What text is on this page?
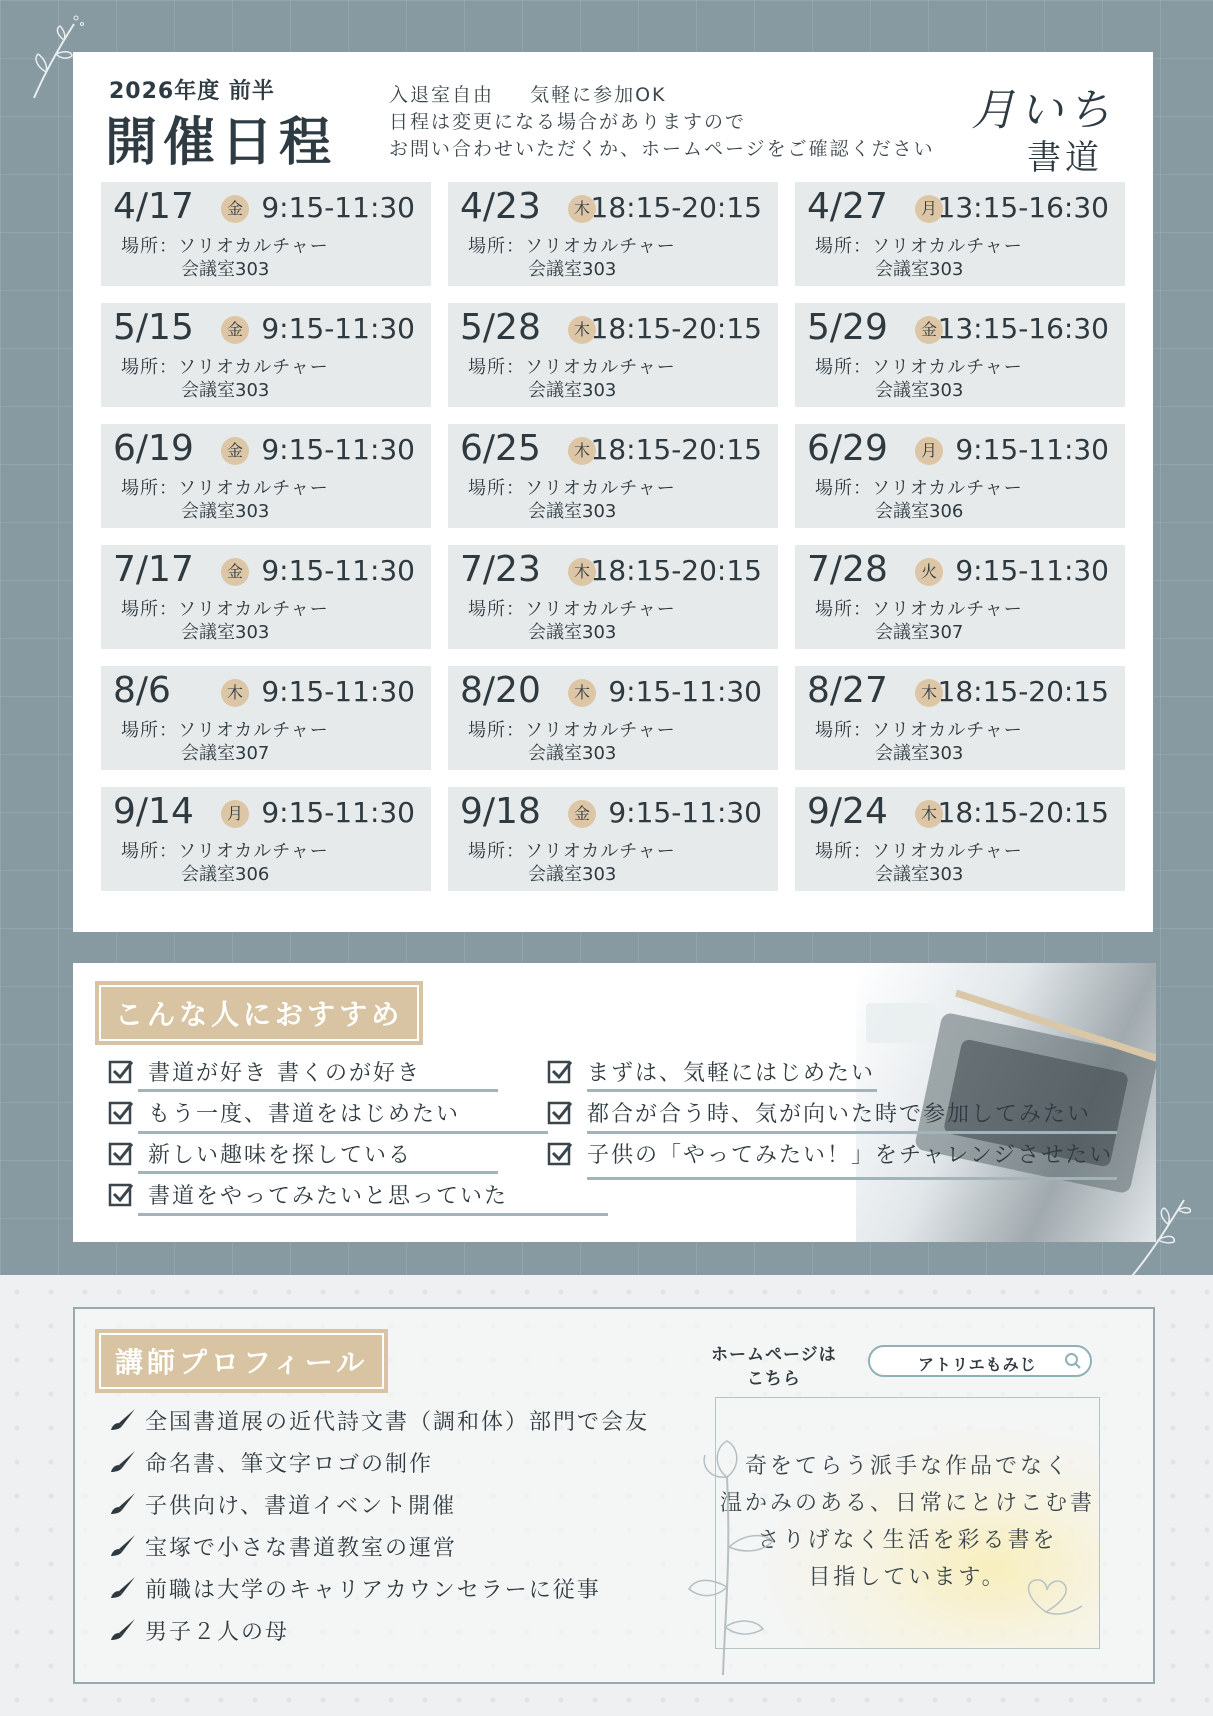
2026年度 前半
開催日程
入退室自由 気軽に参加OK
日程は変更になる場合がありますので
お問い合わせいただくか、ホームページをご確認ください
月いち
書道
4/17	金 9:15-11:30
場所：ソリオカルチャー
会議室303
4/23	木 18:15-20:15
場所：ソリオカルチャー
会議室303
4/27	月 13:15-16:30
場所：ソリオカルチャー
会議室303
5/15	金 9:15-11:30
場所：ソリオカルチャー
会議室303
5/28	木 18:15-20:15
場所：ソリオカルチャー
会議室303
5/29	金 13:15-16:30
場所：ソリオカルチャー
会議室303
6/19	金 9:15-11:30
場所：ソリオカルチャー
会議室303
6/25	木 18:15-20:15
場所：ソリオカルチャー
会議室303
6/29	月 9:15-11:30
場所：ソリオカルチャー
会議室306
7/17	金 9:15-11:30
場所：ソリオカルチャー
会議室303
7/23	木 18:15-20:15
場所：ソリオカルチャー
会議室303
7/28	火 9:15-11:30
場所：ソリオカルチャー
会議室307
8/6	木 9:15-11:30
場所：ソリオカルチャー
会議室307
8/20	木 9:15-11:30
場所：ソリオカルチャー
会議室303
8/27	木 18:15-20:15
場所：ソリオカルチャー
会議室303
9/14	月 9:15-11:30
場所：ソリオカルチャー
会議室306
9/18	金 9:15-11:30
場所：ソリオカルチャー
会議室303
9/24	木 18:15-20:15
場所：ソリオカルチャー
会議室303
こんな人におすすめ
書道が好き 書くのが好き
もう一度、書道をはじめたい
新しい趣味を探している
書道をやってみたいと思っていた
まずは、気軽にはじめたい
都合が合う時、気が向いた時で参加してみたい
子供の「やってみたい！」をチャレンジさせたい
講師プロフィール
全国書道展の近代詩文書（調和体）部門で会友
命名書、筆文字ロゴの制作
子供向け、書道イベント開催
宝塚で小さな書道教室の運営
前職は大学のキャリアカウンセラーに従事
男子２人の母
ホームページは
こちら
アトリエもみじ
奇をてらう派手な作品でなく
温かみのある、日常にとけこむ書
さりげなく生活を彩る書を
目指しています。
